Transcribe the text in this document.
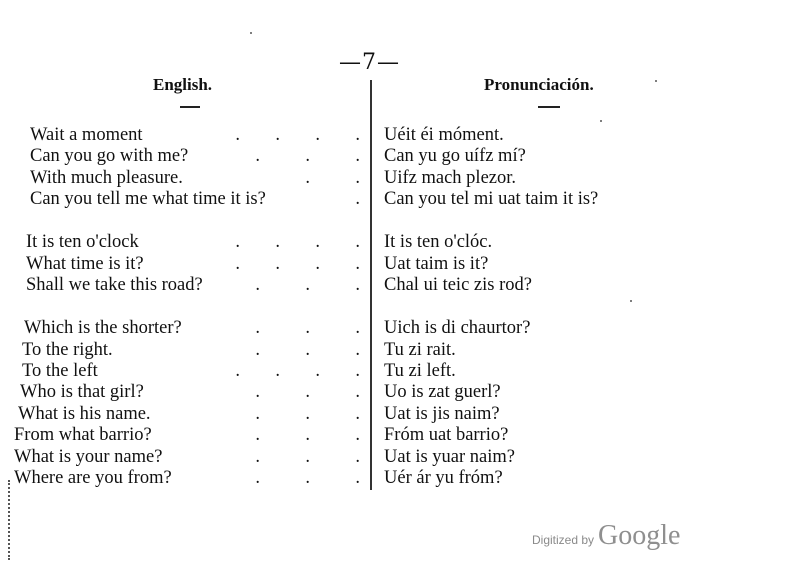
—7—
English.	Pronunciación.
Wait a moment	.	.	.	. Uéit éi móment.
Can you go with me?	.	.	. Can yu go uífz mí?
With much pleasure.	.	. Uifz mach plezor.
Can you tell me what time it is?	. Can you tel mi uat taim it is?
It is ten o'clock	.	.	.	. It is ten o'clóc.
What time is it?	.	.	.	. Uat taim is it?
Shall we take this road?	.	.	. Chal ui teic zis rod?
Which is the shorter?	.	.	. Uich is di chaurtor?
To the right.	.	.	. Tu zi rait.
To the left	.	.	.	. Tu zi left.
Who is that girl?	.	.	. Uo is zat guerl?
What is his name.	.	.	. Uat is jis naim?
From what barrio?	.	.	. Fróm uat barrio?
What is your name?	.	.	. Uat is yuar naim?
Where are you from?	.	.	. Uér ár yu fróm?
Digitized by Google
